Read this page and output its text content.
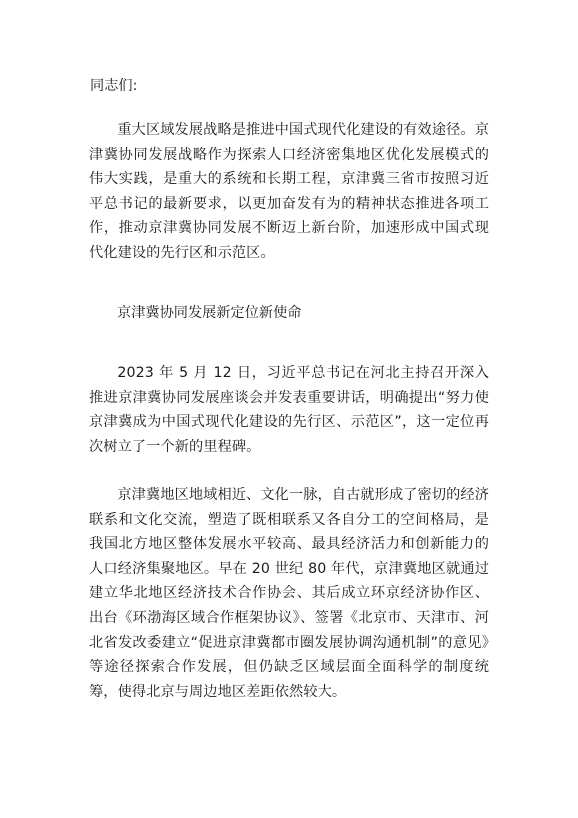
同志们:

重大区域发展战略是推进中国式现代化建设的有效途径。京津冀协同发展战略作为探索人口经济密集地区优化发展模式的伟大实践，是重大的系统和长期工程，京津冀三省市按照习近平总书记的最新要求，以更加奋发有为的精神状态推进各项工作，推动京津冀协同发展不断迈上新台阶，加速形成中国式现代化建设的先行区和示范区。

京津冀协同发展新定位新使命

2023 年 5 月 12 日，习近平总书记在河北主持召开深入推进京津冀协同发展座谈会并发表重要讲话，明确提出“努力使京津冀成为中国式现代化建设的先行区、示范区”，这一定位再次树立了一个新的里程碑。

京津冀地区地域相近、文化一脉，自古就形成了密切的经济联系和文化交流，塑造了既相联系又各自分工的空间格局，是我国北方地区整体发展水平较高、最具经济活力和创新能力的人口经济集聚地区。早在 20 世纪 80 年代，京津冀地区就通过建立华北地区经济技术合作协会、其后成立环京经济协作区、出台《环渤海区域合作框架协议》、签署《北京市、天津市、河北省发改委建立“促进京津冀都市圈发展协调沟通机制”的意见》等途径探索合作发展，但仍缺乏区域层面全面科学的制度统筹，使得北京与周边地区差距依然较大。
